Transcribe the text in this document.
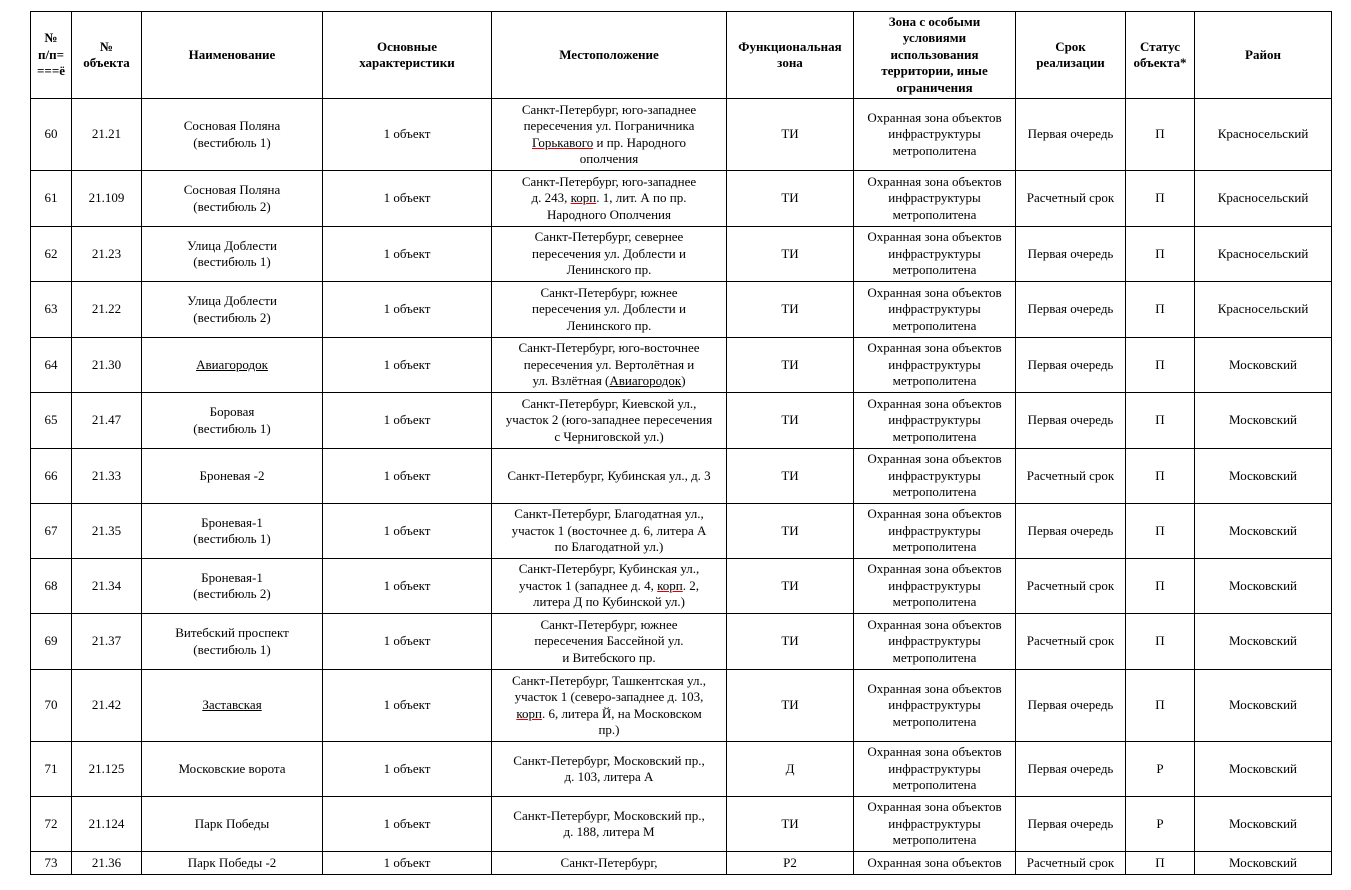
№
п/п=
===ё	№
объекта	Наименование	Основные
характеристики	Местоположение	Функциональная
зона	Зона с особыми
условиями
использования
территории, иные
ограничения	Срок
реализации	Статус
объекта*	Район
60	21.21	Сосновая Поляна
(вестибюль 1)	1 объект	Санкт-Петербург, юго-западнее
пересечения ул. Пограничника
Горькавого и пр. Народного
ополчения	ТИ	Охранная зона объектов
инфраструктуры
метрополитена	Первая очередь	П	Красносельский
61	21.109	Сосновая Поляна
(вестибюль 2)	1 объект	Санкт-Петербург, юго-западнее
д. 243, корп. 1, лит. А по пр.
Народного Ополчения	ТИ	Охранная зона объектов
инфраструктуры
метрополитена	Расчетный срок	П	Красносельский
62	21.23	Улица Доблести
(вестибюль 1)	1 объект	Санкт-Петербург, севернее
пересечения ул. Доблести и
Ленинского пр.	ТИ	Охранная зона объектов
инфраструктуры
метрополитена	Первая очередь	П	Красносельский
63	21.22	Улица Доблести
(вестибюль 2)	1 объект	Санкт-Петербург, южнее
пересечения ул. Доблести и
Ленинского пр.	ТИ	Охранная зона объектов
инфраструктуры
метрополитена	Первая очередь	П	Красносельский
64	21.30	Авиагородок	1 объект	Санкт-Петербург, юго-восточнее
пересечения ул. Вертолётная и
ул. Взлётная (Авиагородок)	ТИ	Охранная зона объектов
инфраструктуры
метрополитена	Первая очередь	П	Московский
65	21.47	Боровая
(вестибюль 1)	1 объект	Санкт-Петербург, Киевской ул.,
участок 2 (юго-западнее пересечения
с Черниговской ул.)	ТИ	Охранная зона объектов
инфраструктуры
метрополитена	Первая очередь	П	Московский
66	21.33	Броневая -2	1 объект	Санкт-Петербург, Кубинская ул., д. 3	ТИ	Охранная зона объектов
инфраструктуры
метрополитена	Расчетный срок	П	Московский
67	21.35	Броневая-1
(вестибюль 1)	1 объект	Санкт-Петербург, Благодатная ул.,
участок 1 (восточнее д. 6, литера А
по Благодатной ул.)	ТИ	Охранная зона объектов
инфраструктуры
метрополитена	Первая очередь	П	Московский
68	21.34	Броневая-1
(вестибюль 2)	1 объект	Санкт-Петербург, Кубинская ул.,
участок 1 (западнее д. 4, корп. 2,
литера Д по Кубинской ул.)	ТИ	Охранная зона объектов
инфраструктуры
метрополитена	Расчетный срок	П	Московский
69	21.37	Витебский проспект
(вестибюль 1)	1 объект	Санкт-Петербург, южнее
пересечения Бассейной ул.
и Витебского пр.	ТИ	Охранная зона объектов
инфраструктуры
метрополитена	Расчетный срок	П	Московский
70	21.42	Заставская	1 объект	Санкт-Петербург, Ташкентская ул.,
участок 1 (северо-западнее д. 103,
корп. 6, литера Й, на Московском
пр.)	ТИ	Охранная зона объектов
инфраструктуры
метрополитена	Первая очередь	П	Московский
71	21.125	Московские ворота	1 объект	Санкт-Петербург, Московский пр.,
д. 103, литера А	Д	Охранная зона объектов
инфраструктуры
метрополитена	Первая очередь	Р	Московский
72	21.124	Парк Победы	1 объект	Санкт-Петербург, Московский пр.,
д. 188, литера М	ТИ	Охранная зона объектов
инфраструктуры
метрополитена	Первая очередь	Р	Московский
73	21.36	Парк Победы -2	1 объект	Санкт-Петербург,	Р2	Охранная зона объектов	Расчетный срок	П	Московский
